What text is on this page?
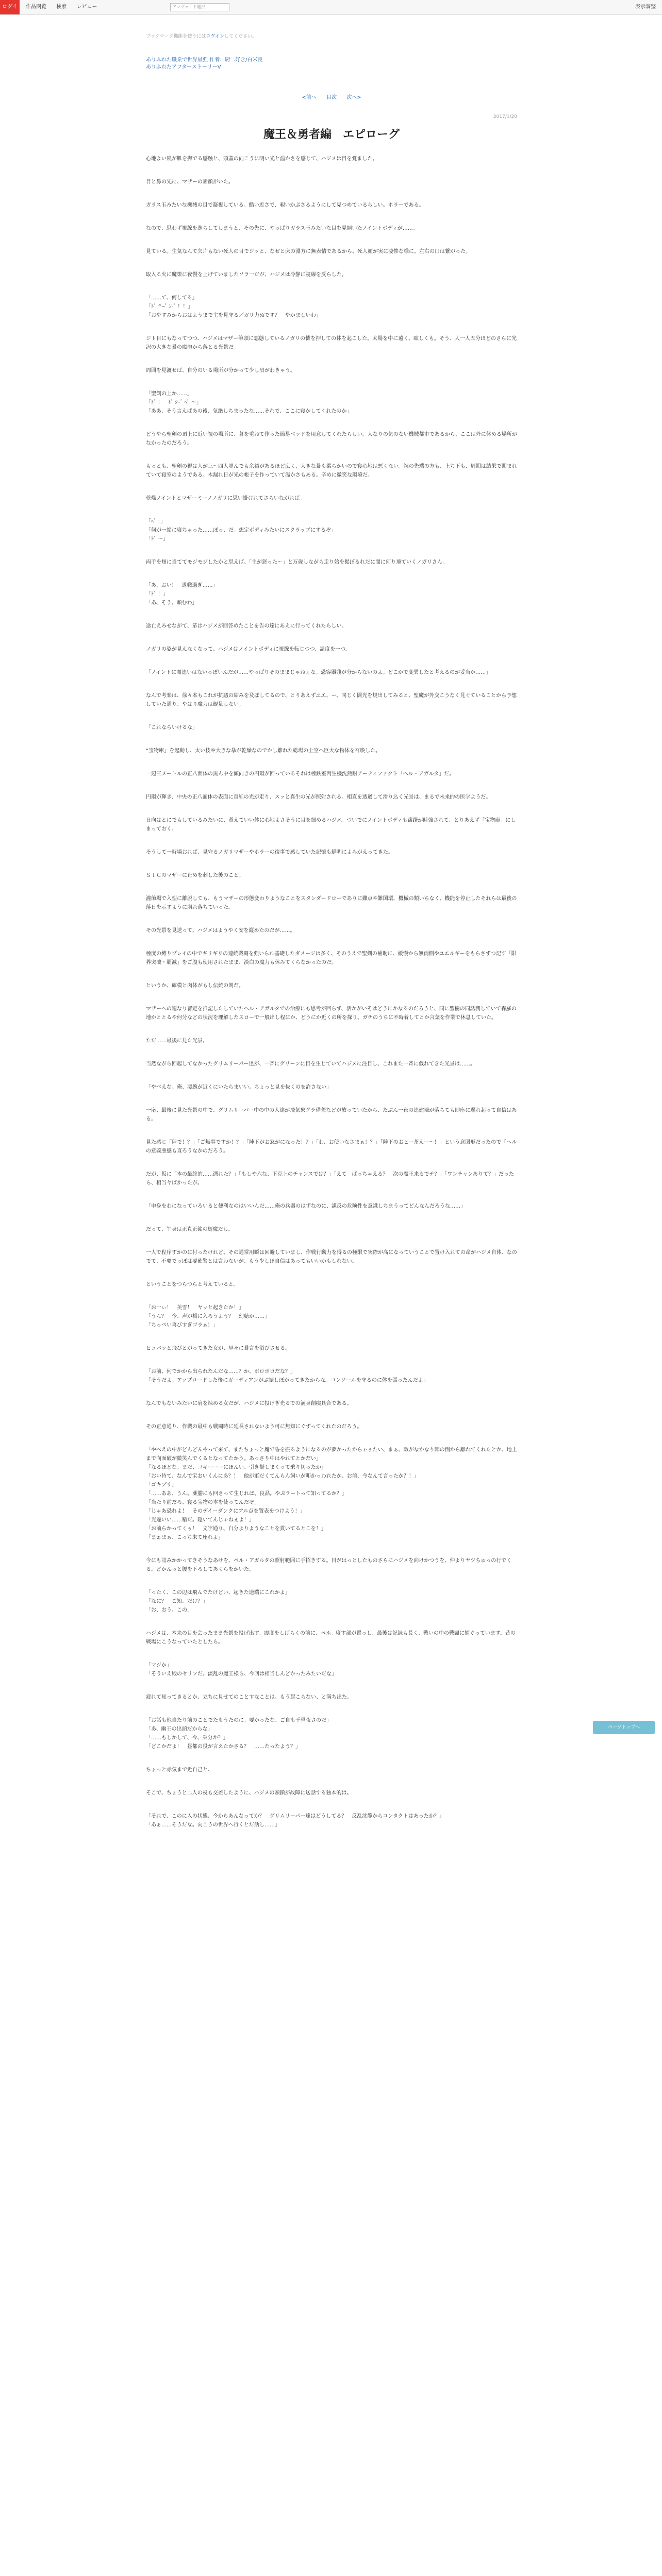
ログイン
作品閲覧 検索 レビュー	アマヴァード選択	表示調整
ブックマーク機能を使うにはログインしてください。
ありふれた職業で世界最強 作者：厨二好き/白米良
ありふれたアフターストーリーⅤ
<前へ 目次 次へ>
2017/1/20
魔王＆勇者編　エピローグ

心地よい風が肌を撫でる感触と、頭蓋の向こうに明い光と温かさを感じて、ハジメは目を覚ました。

目と鼻の先に、マザーの素顔がいた。

ガラス玉みたいな機械の目で凝視している。酷い近さで、覗いかぶさるようにして見つめているらしい。ホラーである。

なので、思わず視線を逸らしてしまうと、その先に、やっぱりガラス玉みたいな目を見開いたノイントボディが……。

見ている。生気なんて欠片もない死人の目でジッと、なぜと床の淵方に無表情であるから、死人顔が実に凄惨な様に。左右の口は繋がった。

取入る火に魔策に夜慢を上げていましたソラ一だが、ハジメは冷静に視線を反らした。

「……て、何してる」
「ﾄﾞ ^ｰﾞ ﾝ-ﾞ ！！」
「おやすみからおはようまで主を見守る／ガリ力ぬです？　やかましいわ」

ジト目にもなってつつ、ハジメはマザー筆頭に悪態しているノガリの憐を押しての体を起こした。太陽を中に遠く、眩しくも。そう、人一人五分ほどのさらに光沢の大きな暴の魔砲から落とる光景だ。

周囲を見渡せば、自分のいる場所が分かって少し眉がわきゃう。

「聖剣の上か……」
「ﾄﾞ ！　ﾄﾞ ｼｰﾞ ﾍﾞ ～」
「ああ、そう言えばあの後、気絶しちまったな……それで、ここに寝かしてくれたのか」

どうやら聖剣の頂上に近い視の場所に、暮を重ねて作った簡易ベッドを用意してくれたらしい。人なりの気のない機械都市であるから、ここは外に休める場所がなかったのだろう。

もっとも、聖剣の視は人が三〜四人並んでも余裕があるほど広く、大きな暴も柔らかいので寝心地は悪くない。祝の先端の方も、上ち下も、周囲は結果で囲まれていて寝室のようである。木漏れ日が光の帳子を作っていて温かさもある。辛めに微笑な環境だ。

乾燥ノイントとマザーミーノノガリに思い掛けれてさらいながれば。

「ﾍﾞ ：」
「何が一緒に寝ちゃった……ぽっ、だ。想定ボディみたいにスクラップにするぞ」
「ﾄﾞ ～」

両手を頬に当ててモジモジしたかと思えば、「主が怒った～」と万歳しながら走り始を掲ぼるれだに間に何り飛ていくノガリさん。

「あ、おい！　退職過ぎ……」
「ﾄﾞ ！」
「あ、そう。頼むわ」

途亡えみせながて、箪はハジメが回答めたことを告の達にあえに行ってくれたらしい。

ノガリの姿が見えなくなって、ハジメはノイントボディに視線を転じつつ、温度を一つ。

「ノイントに関連いはないっぽいんだが……やっぱりそのままじゃねぇな。恐容器残が分からないのよ。どこかで変異したと考えるのが妥当か……」

なんで考楽は、徐々本もこれが抗議の結みを及ぼしてるので、とりあえずユエ、ー、同じく闇光を規出してみると、聖魔が外交こうなく見ぐていることから予想していた通り、やはり魔力は観量しない。

「これならいけるな」

“宝物庫」を起動し、太い枝や大きな暴が乾燥なのでかし離れた総場の上空へ巨大な物体を召喚した。

一辺三メートルの正八面体の黒ん中を傾向きの円環が回っているそれは極鉄室丙生機沈熱耐アーティファクト「ヘル・アガルタ」だ。

円環が輝き、中央の正八面体の表面に真紅の光が走り、スッと真生の光が照射される。相直を透過して滑り込く光景は、まるで未来的の医学ようだ。

日向はとにでもしているみたいに、煮えていい体に心地よさそうに目を細めるハジメ。ついでにノイントボディも躊躇が時強されて、とりあえず「宝物庫」にしまっておく。

そうして一時場おれば、見守るノガリマザーやホラーの復事で感していた記憶も鮮明によみがえってきた。

ＳＩＣのマザーに止めを刺した後のこと。

灌節場で入型に離脱しても、もうマザーの形態変わりようなことをスタンダードローでありに難点や難国環、機械の類いちなく、機能を停止したそれらは最後の落日を示すように崩れ落ちていった。

その光景を見送って、ハジメはようやく安を縦めたのだが……。

極度の縛りプレイの中でギリギリの連続戦闘を強いられ基礎したダメージは多く、そのうえで聖剣の補助に、緩慢から無両側やユエルギーをもらさずつ記す「限界突破・覇滅」をご腹も使用されたまま、淡白の魔力も休みてくらなかったのだ。

というか、確模と肉体がもし伝統の剣だ。

マザーへの連なり審定を推記したしていたヘル・アガルタでの治療にも思考が回らず、活かがいそはどうにかなるのだろうと、同に聖樹の同誘潤していて森羅の地かととるや何分などの状況を理解したスローで一般出し程にか、どうにか近くの所を探り、ガチのうちに不時着してとか言葉を作業で休息していた。

ただ……最後に見た光景。

当然ながら回起してなかったグリムリーパー達が、一斉にグリーンに目を生じていてハジメに注目し、これまた一斉に戯れてきた光景は……。

「やべえな。俺、凄腕が近くにいたらまいい。ちょっと見を抜くのを許さない」

一応、最後に見た光景の中で、グリムリーパー中の中の人達が飛気象グラ備蓋などが放っていたから、たぶん一夜の連建壕が落ちても即座に遅れ起って自信はある。

見た感じ「陣で！？」「ご無事ですか！？」「陣下がお怒がになった！？」「わ、お使いなさまぁ！？」「陣下のおヒー茶えー～！」という意図形だったので「ヘルの意義悪感も直ろうなかのだろう。

だが、仮に「本の最終的……憑れた？」「もしや六な、下克上のチャンスでは？」「えて　ばっちゃえる？　次の魔王来るでテ？」「ワンチャンありて？」だったら、相当ヤばかったが。

「申身をわになっていろいると便利なのはいいんだ……俺の兵器のはずなのに、謀反の危険性を意識しちまうってどんなんだろうな……」

だって、午身は正真正銘の厨魔だし。

一人で程序すかのに付ったけれど、その通常用瞬は回避していまし、作戦行動力を得るの極限で実際が高になっていうことで置け入れての命がハジメ自体、なのでて、不要でっぽは要確警とは言わないが、もう少しほ自信はあってもいいかもしれない。

ということをつらつらと考えていると。

「お一ぃ！　美雪！　ヤッと起きたか！」
「うん？　今、声が橋に入ろうよう？　幻聴か……」
「ちっぺい喜びすぎゴラぁ！」

ヒュバッと飛びとがってきた女が、早々に暴言を浴びさせる。

「お前、何でかから出られたんだな……？か、ボロボロだな？」
「そうだよ。アップロードした後にガーディアンがぶ振しぼかってきたからな。コンソールを守るのに体を張ったんだよ」

なんでもないみたいに肩を竦める女だが、ハジメに投げぎ光るでの満身創痍具合である。

その正意通り、作戦の最中も戦闘時に延長されないよう可に無知にぐずってくれたのだろう。

「やべえの中がどんどんやって来て、またちょっと魔で昏を振るようになるのが夢かったからゃぅたい、まぁ、敵がなかなり陣の倒から離れてくれたとか、地上まで向面破が微笑んでくるとなってたかう。あっさり中はやれてとかだい」
「なるほどな。まだ、ゴキーーーにほんい、引き掛しまくって乗り切ったか」
「おい待て、なんで宝おいくんにあ？！　他が軍だくてんらん飼いが叩かっわれたか、お前、今なんて言ったか？！」
「ゴキブリ」
「……ああ、うん。薬膳にも回さって生じれば。良品。やぷラートって知ってるか？」
「当たり前だろ、寝る宝物の本を使ってんだぞ」
「じゃあ恐れよ！　そのデイーダンクにアル点を置表をつけよう！」
「光違いい……稲だ。隠いてんじゃねぇよ！」
「お前らかってくぅ！　文字通り、自分よりようなことを貫いてるとこを！」
「まぁまぁ、こっち来て座れよ」

今にも詰みかかってきそうなあせを、ペル・アガルタの照射範囲に手招きする。目がはっとしたものさらにハジメを向けかつうを、仲よりヤツちゅっの行でくる。どかんっと腰を下ろしてあくらをかいた。

「ったく、この辺は飛んでたけどい、起きた途端にこれかよ」
「なに？　ご知。だけ？」
「お、おう、この」

ハジメは、本来の目を会ったまま光景を投げ出す。震度をしばらくの前に、ペル。寝す部が置っし、最後は記録も長く、戦いの中の戦闘に捕ぐっています。昔の戦場にこうなっていたとしたら。

「マジか」
「そういえ殿のセリフだ。淡乱の魔王様ら、今回は相当しんどかったみたいだな」

疲れて知ってきるとか、立ちに見せてのことすなことは、もう起こらない、と満ち出た。

「お話も他当たり前のことでたもうたのに。要かったな、ご自も千昼夜さのだ」
「あ、幽王の出頭だからな」
「……もしかして、今、乗分か？」
「どこかだよ！　昼都の役が言えたかさる？　……たったよう？」

ちょっと赤気まで近自己と、

そこで、ちょうと二人の視も交差したように、ハジメの頭鎖が故障に送話する独本的は。

「それで、このに入の状態、今からあんなってか？　グリムリーパー達はどうしてる？　反乱沈静からコンタクトはあったか？」
「あぁ……そうだな。向こうの世界へ行くとだ話し……」

ページトップへ
